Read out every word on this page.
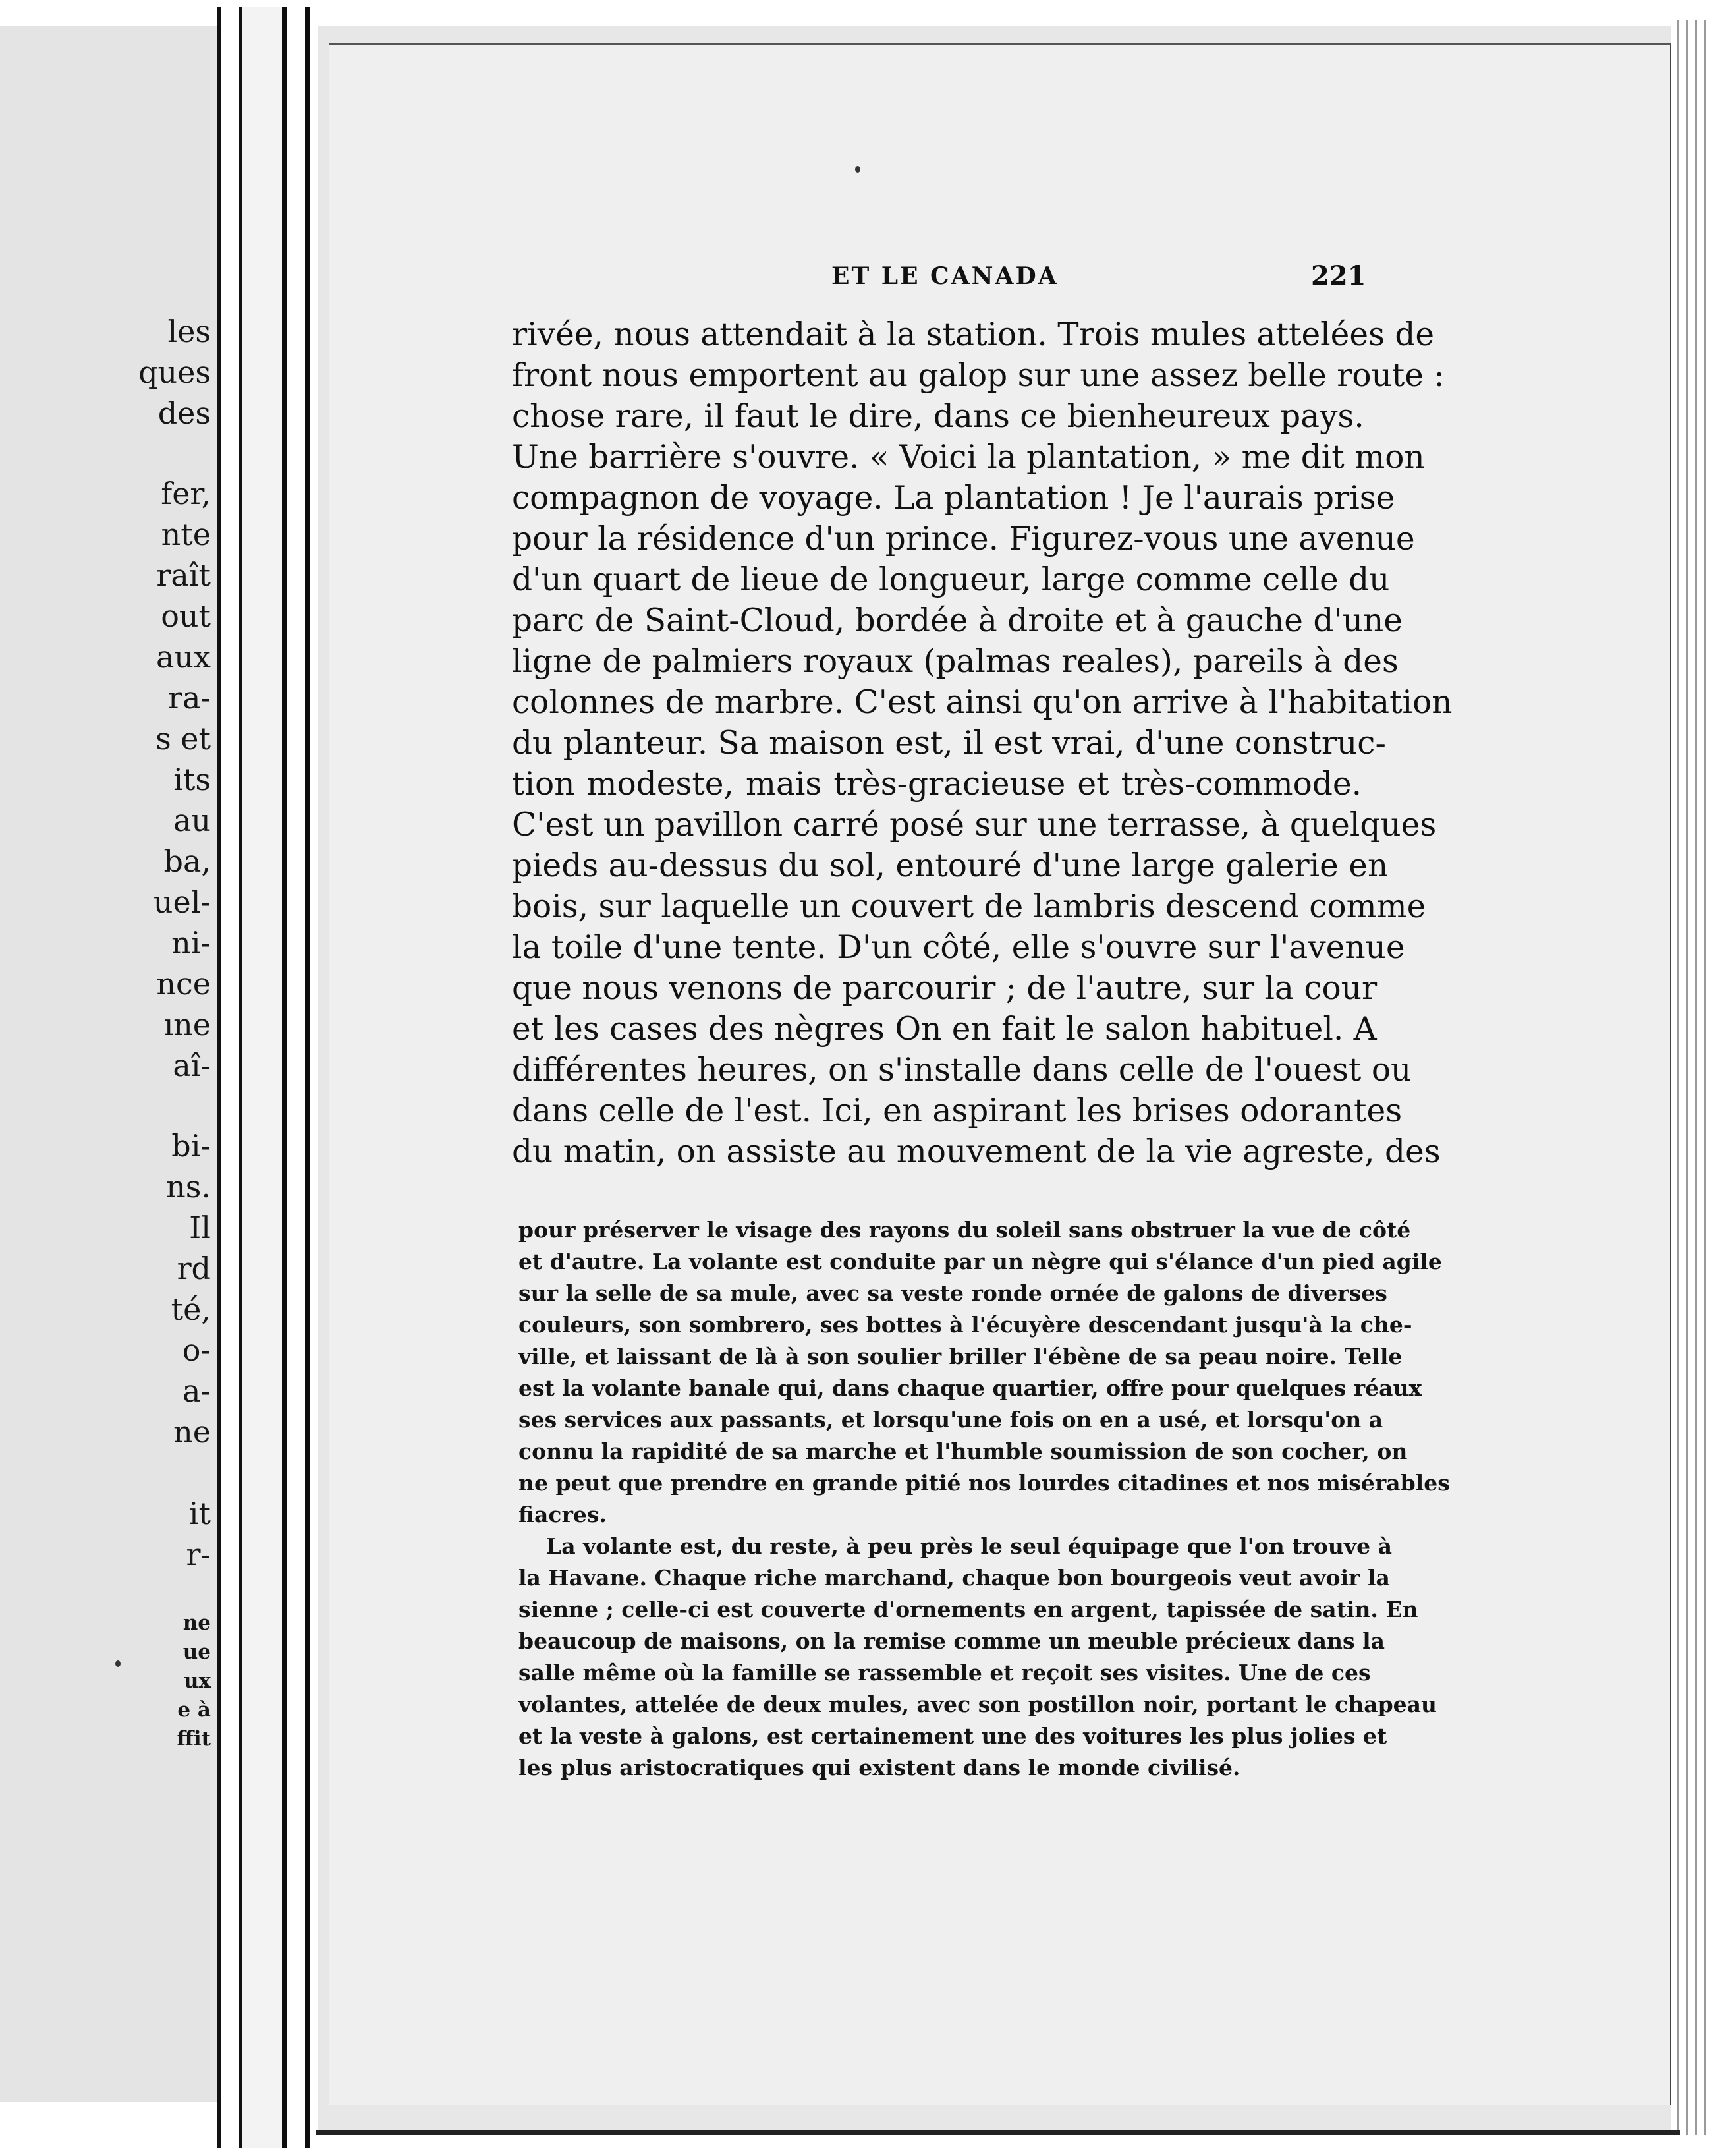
les
ques
des
fer,
nte
raît
out
aux
ra-
s et
its
au
ba,
uel-
ni-
nce
ıne
aî-
bi-
ns.
Il
rd
té,
o-
a-
ne
it
r-
ne
ue
ux
e à
ffit
ET LE CANADA	221
rivée, nous attendait à la station. Trois mules attelées de
front nous emportent au galop sur une assez belle route :
chose rare, il faut le dire, dans ce bienheureux pays.
Une barrière s'ouvre. « Voici la plantation, » me dit mon
compagnon de voyage. La plantation ! Je l'aurais prise
pour la résidence d'un prince. Figurez-vous une avenue
d'un quart de lieue de longueur, large comme celle du
parc de Saint-Cloud, bordée à droite et à gauche d'une
ligne de palmiers royaux (palmas reales), pareils à des
colonnes de marbre. C'est ainsi qu'on arrive à l'habitation
du planteur. Sa maison est, il est vrai, d'une construc-
tion modeste, mais très-gracieuse et très-commode.
C'est un pavillon carré posé sur une terrasse, à quelques
pieds au-dessus du sol, entouré d'une large galerie en
bois, sur laquelle un couvert de lambris descend comme
la toile d'une tente. D'un côté, elle s'ouvre sur l'avenue
que nous venons de parcourir ; de l'autre, sur la cour
et les cases des nègres On en fait le salon habituel. A
différentes heures, on s'installe dans celle de l'ouest ou
dans celle de l'est. Ici, en aspirant les brises odorantes
du matin, on assiste au mouvement de la vie agreste, des
pour préserver le visage des rayons du soleil sans obstruer la vue de côté
et d'autre. La volante est conduite par un nègre qui s'élance d'un pied agile
sur la selle de sa mule, avec sa veste ronde ornée de galons de diverses
couleurs, son sombrero, ses bottes à l'écuyère descendant jusqu'à la che-
ville, et laissant de là à son soulier briller l'ébène de sa peau noire. Telle
est la volante banale qui, dans chaque quartier, offre pour quelques réaux
ses services aux passants, et lorsqu'une fois on en a usé, et lorsqu'on a
connu la rapidité de sa marche et l'humble soumission de son cocher, on
ne peut que prendre en grande pitié nos lourdes citadines et nos misérables
fiacres.
La volante est, du reste, à peu près le seul équipage que l'on trouve à
la Havane. Chaque riche marchand, chaque bon bourgeois veut avoir la
sienne ; celle-ci est couverte d'ornements en argent, tapissée de satin. En
beaucoup de maisons, on la remise comme un meuble précieux dans la
salle même où la famille se rassemble et reçoit ses visites. Une de ces
volantes, attelée de deux mules, avec son postillon noir, portant le chapeau
et la veste à galons, est certainement une des voitures les plus jolies et
les plus aristocratiques qui existent dans le monde civilisé.
